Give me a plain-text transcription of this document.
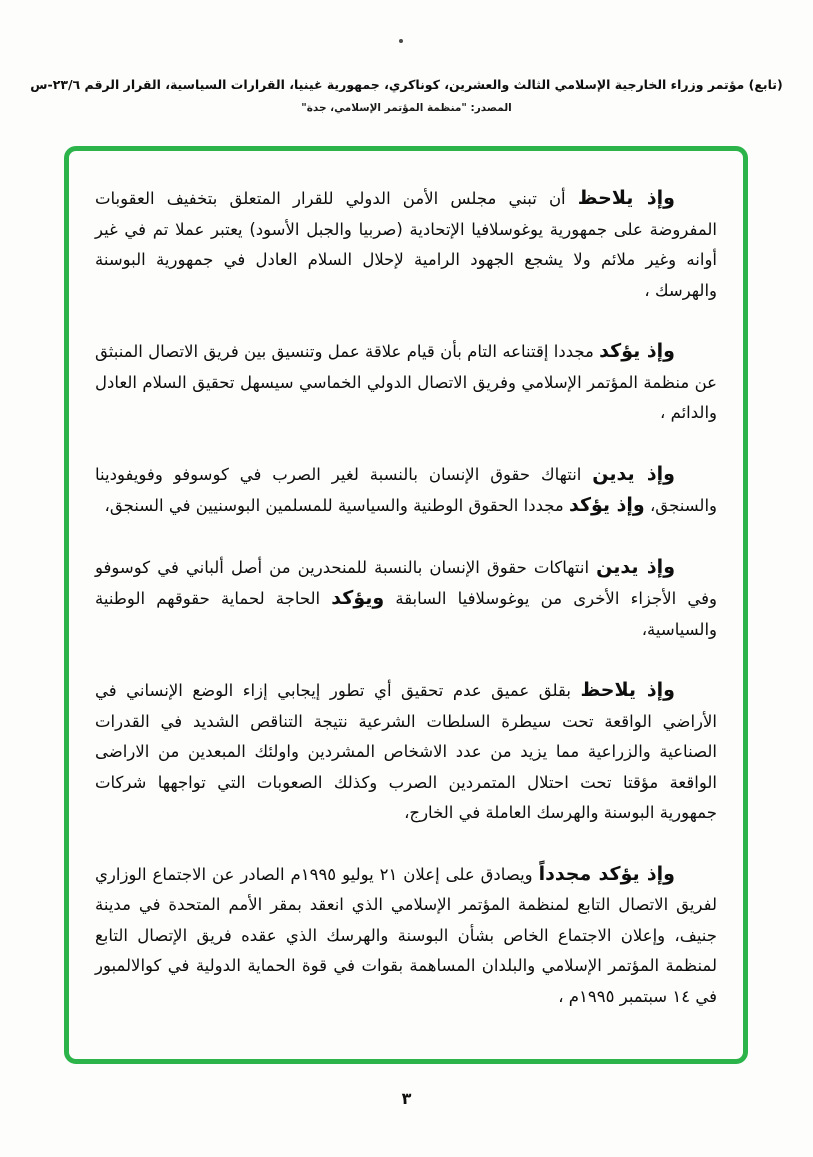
(تابع) مؤتمر وزراء الخارجية الإسلامي الثالث والعشرين، كوناكري، جمهورية غينيا، القرارات السياسية، القرار الرقم ٢٣/٦-س
المصدر: "منظمة المؤتمر الإسلامي، جدة"

وإذ يلاحظ أن تبني مجلس الأمن الدولي للقرار المتعلق بتخفيف العقوبات المفروضة على جمهورية يوغوسلافيا الإتحادية (صربيا والجبل الأسود) يعتبر عملا تم في غير أوانه وغير ملائم ولا يشجع الجهود الرامية لإحلال السلام العادل في جمهورية البوسنة والهرسك ،

وإذ يؤكد مجددا إقتناعه التام بأن قيام علاقة عمل وتنسيق بين فريق الاتصال المنبثق عن منظمة المؤتمر الإسلامي وفريق الاتصال الدولي الخماسي سيسهل تحقيق السلام العادل والدائم ،

وإذ يدين انتهاك حقوق الإنسان بالنسبة لغير الصرب في كوسوفو وفويفودينا والسنجق، وإذ يؤكد مجددا الحقوق الوطنية والسياسية للمسلمين البوسنيين في السنجق،

وإذ يدين انتهاكات حقوق الإنسان بالنسبة للمنحدرين من أصل ألباني في كوسوفو وفي الأجزاء الأخرى من يوغوسلافيا السابقة ويؤكد الحاجة لحماية حقوقهم الوطنية والسياسية،

وإذ يلاحظ بقلق عميق عدم تحقيق أي تطور إيجابي إزاء الوضع الإنساني في الأراضي الواقعة تحت سيطرة السلطات الشرعية نتيجة التناقص الشديد في القدرات الصناعية والزراعية مما يزيد من عدد الاشخاص المشردين واولئك المبعدين من الاراضى الواقعة مؤقتا تحت احتلال المتمردين الصرب وكذلك الصعوبات التي تواجهها شركات جمهورية البوسنة والهرسك العاملة في الخارج،

وإذ يؤكد مجدداً ويصادق على إعلان ٢١ يوليو ١٩٩٥م الصادر عن الاجتماع الوزاري لفريق الاتصال التابع لمنظمة المؤتمر الإسلامي الذي انعقد بمقر الأمم المتحدة في مدينة جنيف، وإعلان الاجتماع الخاص بشأن البوسنة والهرسك الذي عقده فريق الإتصال التابع لمنظمة المؤتمر الإسلامي والبلدان المساهمة بقوات في قوة الحماية الدولية في كوالالمبور في ١٤ سبتمبر ١٩٩٥م ،

٣
